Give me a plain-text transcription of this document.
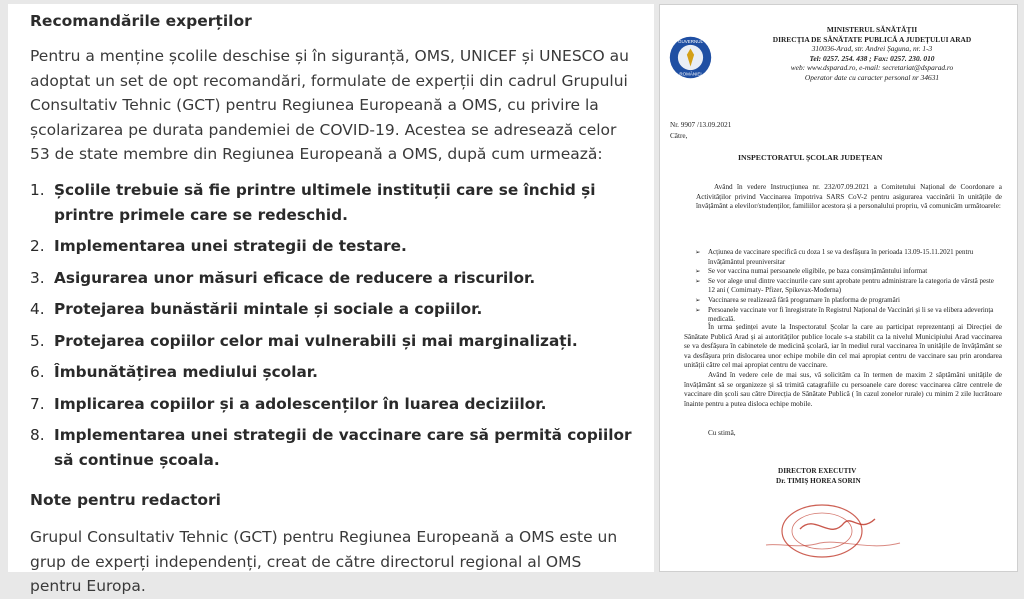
Recomandările experților
Pentru a menține școlile deschise și în siguranță, OMS, UNICEF și UNESCO au adoptat un set de opt recomandări, formulate de experții din cadrul Grupului Consultativ Tehnic (GCT) pentru Regiunea Europeană a OMS, cu privire la școlarizarea pe durata pandemiei de COVID-19. Acestea se adresează celor 53 de state membre din Regiunea Europeană a OMS, după cum urmează:
1. Școlile trebuie să fie printre ultimele instituții care se închid și printre primele care se redeschid.
2. Implementarea unei strategii de testare.
3. Asigurarea unor măsuri eficace de reducere a riscurilor.
4. Protejarea bunăstării mintale și sociale a copiilor.
5. Protejarea copiilor celor mai vulnerabili și mai marginalizați.
6. Îmbunătățirea mediului școlar.
7. Implicarea copiilor și a adolescenților în luarea deciziilor.
8. Implementarea unei strategii de vaccinare care să permită copiilor să continue școala.
Note pentru redactori
Grupul Consultativ Tehnic (GCT) pentru Regiunea Europeană a OMS este un grup de experți independenți, creat de către directorul regional al OMS pentru Europa.
GUVERNUL
ROMÂNIEI
MINISTERUL SĂNĂTĂȚII
DIRECȚIA DE SĂNĂTATE PUBLICĂ A JUDEȚULUI ARAD
310036-Arad, str. Andrei Șaguna, nr. 1-3
Tel: 0257. 254. 438 ; Fax: 0257. 230. 010
web: www.dsparad.ro, e-mail: secretariat@dsparad.ro
Operator date cu caracter personal nr 34631
Nr. 9907 /13.09.2021
Către,
INSPECTORATUL ȘCOLAR JUDEȚEAN
Având în vedere Instrucțiunea nr. 232/07.09.2021 a Comitetului Național de Coordonare a Activităților privind Vaccinarea împotriva SARS CoV-2 pentru asigurarea vaccinării în unitățile de învățământ a elevilor/studenților, familiilor acestora și a personalului propriu, vă comunicăm următoarele:
➢ Acțiunea de vaccinare specifică cu doza 1 se va desfășura în perioada 13.09-15.11.2021 pentru învățământul preuniversitar
➢ Se vor vaccina numai persoanele eligibile, pe baza consimțământului informat
➢ Se vor alege unul dintre vaccinurile care sunt aprobate pentru administrare la categoria de vârstă peste 12 ani ( Comirnaty- Pfizer, Spikevax-Moderna)
➢ Vaccinarea se realizează fără programare în platforma de programări
➢ Persoanele vaccinate vor fi înregistrate în Registrul Național de Vaccinări și li se va elibera adeverința medicală.
În urma ședinței avute la Inspectoratul Școlar la care au participat reprezentanți ai Direcției de Sănătate Publică Arad și ai autorităților publice locale s-a stabilit ca la nivelul Municipiului Arad vaccinarea se va desfășura în cabinetele de medicină școlară, iar în mediul rural vaccinarea în unitățile de învățământ se va desfășura prin dislocarea unor echipe mobile din cel mai apropiat centru de vaccinare sau prin arondarea unității către cel mai apropiat centru de vaccinare.
Având în vedere cele de mai sus, vă solicităm ca în termen de maxim 2 săptămâni unitățile de învățământ să se organizeze și să trimită catagrafiile cu persoanele care doresc vaccinarea către centrele de vaccinare din școli sau către Direcția de Sănătate Publică ( în cazul zonelor rurale) cu minim 2 zile lucrătoare înainte pentru a putea disloca echipe mobile.
Cu stimă,
DIRECTOR EXECUTIV
Dr. TIMIȘ HOREA SORIN
